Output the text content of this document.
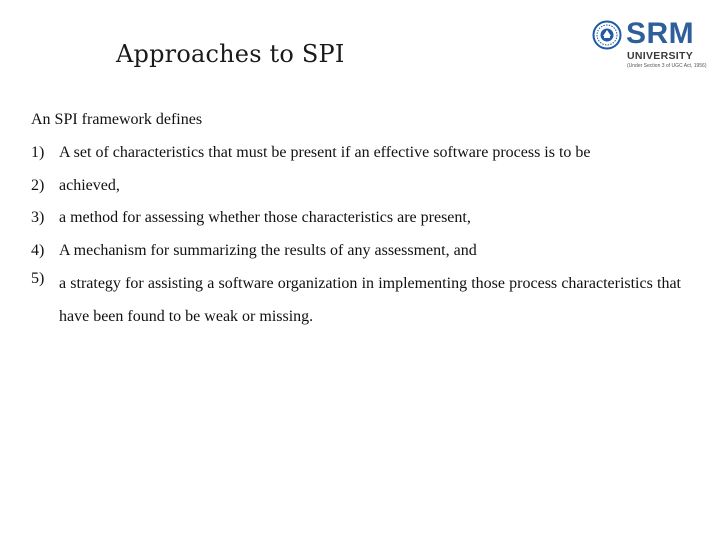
Approaches to SPI
SRM
UNIVERSITY
(Under Section 3 of UGC Act, 1956)
An SPI framework defines
1) A set of characteristics that must be present if an effective software process is to be
2) achieved,
3) a method for assessing whether those characteristics are present,
4) A mechanism for summarizing the results of any assessment, and
5) a strategy for assisting a software organization in implementing those process characteristics that have been found to be weak or missing.
